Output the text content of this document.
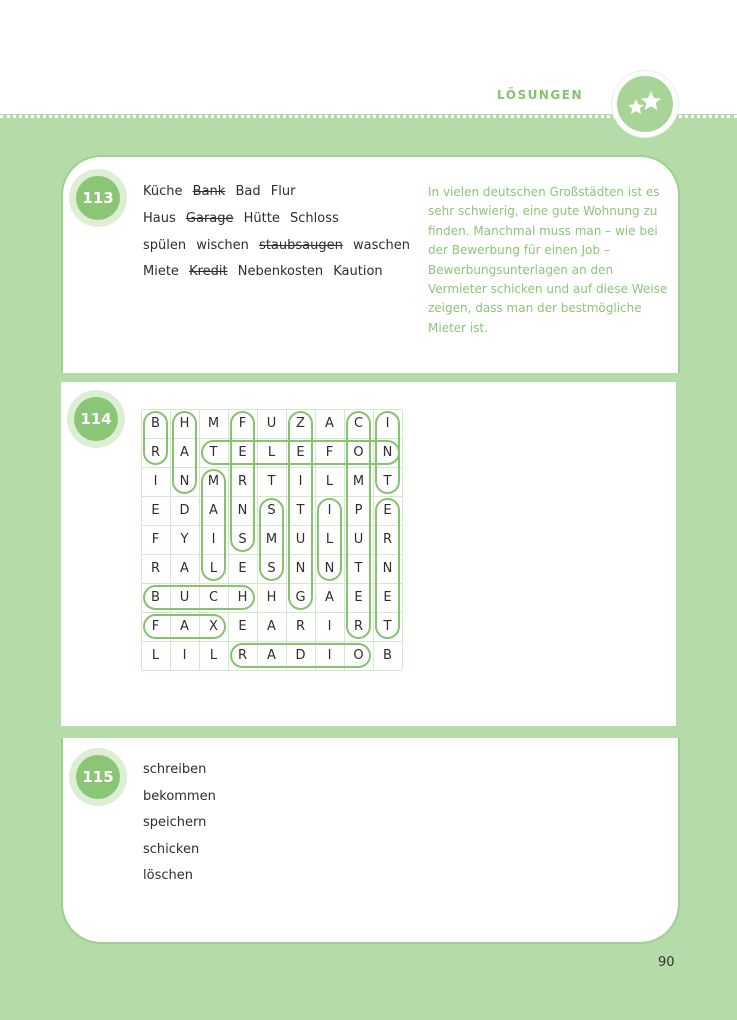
LÖSUNGEN
113	Küche Bank Bad Flur
Haus Garage Hütte Schloss
spülen wischen staubsaugen waschen
Miete Kredit Nebenkosten Kaution
In vielen deutschen Großstädten ist es sehr schwierig, eine gute Wohnung zu finden. Manchmal muss man – wie bei der Bewerbung für einen Job – Bewerbungsunterlagen an den Vermieter schicken und auf diese Weise zeigen, dass man der bestmögliche Mieter ist.
114	B	H	M	F	U	Z	A	C	I
R	A	T	E	L	E	F	O	N
I	N	M	R	T	I	L	M	T
E	D	A	N	S	T	I	P	E
F	Y	I	S	M	U	L	U	R
R	A	L	E	S	N	N	T	N
B	U	C	H	H	G	A	E	E
F	A	X	E	A	R	I	R	T
L	I	L	R	A	D	I	O	B
115	schreiben
bekommen
speichern
schicken
löschen
90
